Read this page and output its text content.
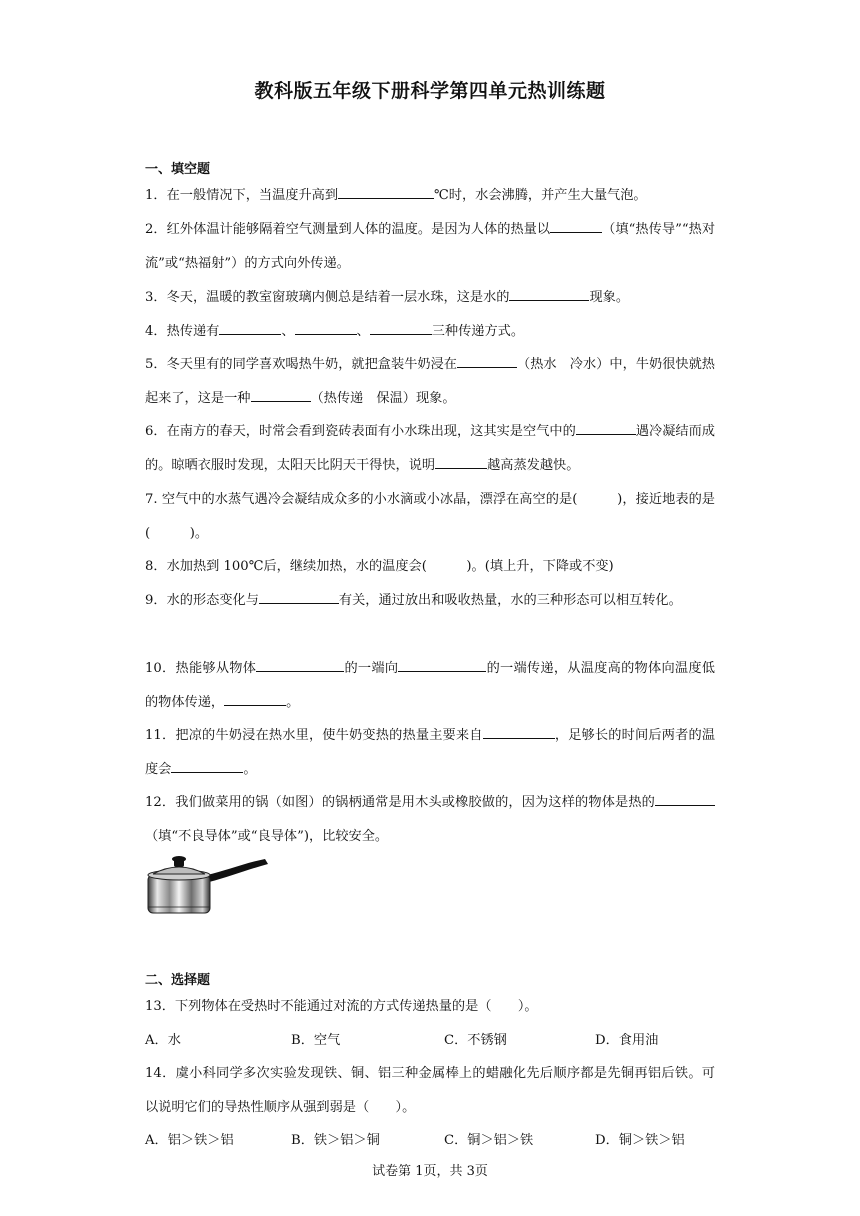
教科版五年级下册科学第四单元热训练题
一、填空题
1．在一般情况下，当温度升高到	℃时，水会沸腾，并产生大量气泡。
2．红外体温计能够隔着空气测量到人体的温度。是因为人体的热量以	（填“热传导”“热对流”或“热福射”）的方式向外传递。
3．冬天，温暖的教室窗玻璃内侧总是结着一层水珠，这是水的	现象。
4．热传递有	、	、	三种传递方式。
5．冬天里有的同学喜欢喝热牛奶，就把盒装牛奶浸在	（热水　冷水）中，牛奶很快就热起来了，这是一种	（热传递　保温）现象。
6．在南方的春天，时常会看到瓷砖表面有小水珠出现，这其实是空气中的	遇冷凝结而成的。晾晒衣服时发现，太阳天比阴天干得快，说明	越高蒸发越快。
7. 空气中的水蒸气遇冷会凝结成众多的小水滴或小冰晶，漂浮在高空的是(　　　)，接近地表的是(　　　)。
8．水加热到 100℃后，继续加热，水的温度会(　　　)。(填上升，下降或不变)
9．水的形态变化与	有关，通过放出和吸收热量，水的三种形态可以相互转化。
10．热能够从物体	的一端向	的一端传递，从温度高的物体向温度低的物体传递，	。
11．把凉的牛奶浸在热水里，使牛奶变热的热量主要来自	，足够长的时间后两者的温度会	。
12．我们做菜用的锅（如图）的锅柄通常是用木头或橡胶做的，因为这样的物体是热的（填“不良导体”或“良导体”)，比较安全。
二、选择题
13．下列物体在受热时不能通过对流的方式传递热量的是（　　）。
A．水	B．空气	C．不锈钢	D．食用油
14．虞小科同学多次实验发现铁、铜、铝三种金属棒上的蜡融化先后顺序都是先铜再铝后铁。可以说明它们的导热性顺序从强到弱是（　　）。
A．铝＞铁＞铝	B．铁＞铝＞铜	C．铜＞铝＞铁	D．铜＞铁＞铝
试卷第 1页，共 3页
